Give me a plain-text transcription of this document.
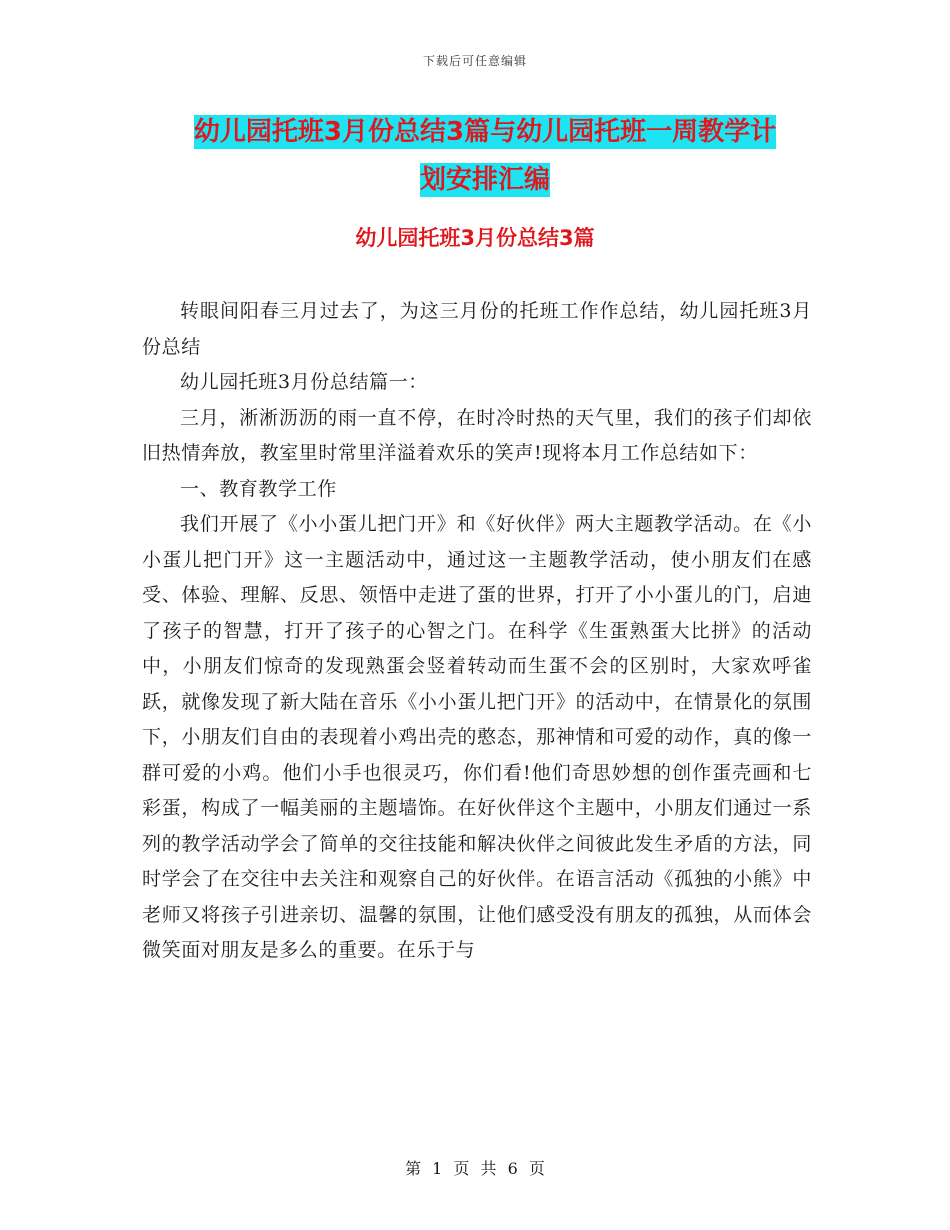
下载后可任意编辑
幼儿园托班3月份总结3篇与幼儿园托班一周教学计
划安排汇编
幼儿园托班3月份总结3篇

转眼间阳春三月过去了，为这三月份的托班工作作总结，幼儿园托班3月份总结

幼儿园托班3月份总结篇一：

三月，淅淅沥沥的雨一直不停，在时冷时热的天气里，我们的孩子们却依旧热情奔放，教室里时常里洋溢着欢乐的笑声!现将本月工作总结如下：

一、教育教学工作

我们开展了《小小蛋儿把门开》和《好伙伴》两大主题教学活动。在《小小蛋儿把门开》这一主题活动中，通过这一主题教学活动，使小朋友们在感受、体验、理解、反思、领悟中走进了蛋的世界，打开了小小蛋儿的门，启迪了孩子的智慧，打开了孩子的心智之门。在科学《生蛋熟蛋大比拼》的活动中，小朋友们惊奇的发现熟蛋会竖着转动而生蛋不会的区别时，大家欢呼雀跃，就像发现了新大陆在音乐《小小蛋儿把门开》的活动中，在情景化的氛围下，小朋友们自由的表现着小鸡出壳的憨态，那神情和可爱的动作，真的像一群可爱的小鸡。他们小手也很灵巧，你们看!他们奇思妙想的创作蛋壳画和七彩蛋，构成了一幅美丽的主题墙饰。在好伙伴这个主题中，小朋友们通过一系列的教学活动学会了简单的交往技能和解决伙伴之间彼此发生矛盾的方法，同时学会了在交往中去关注和观察自己的好伙伴。在语言活动《孤独的小熊》中老师又将孩子引进亲切、温馨的氛围，让他们感受没有朋友的孤独，从而体会微笑面对朋友是多么的重要。在乐于与

第 1 页 共 6 页
